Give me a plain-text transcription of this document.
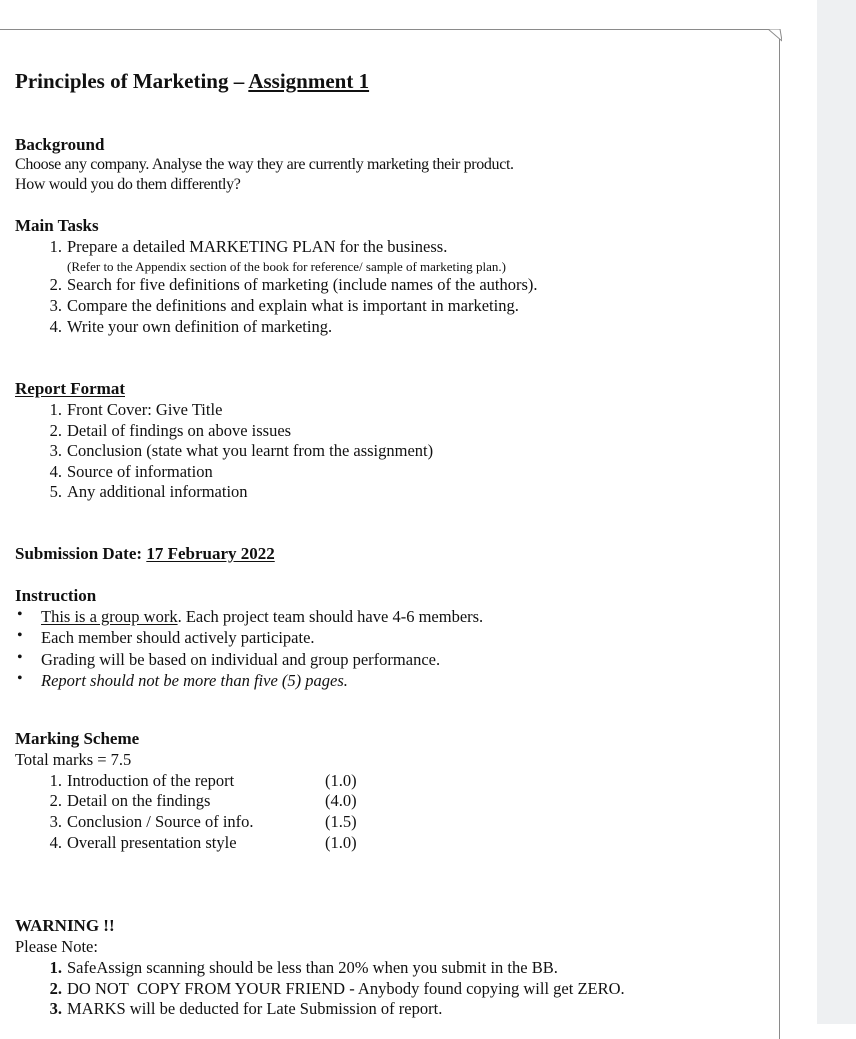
Principles of Marketing – Assignment 1
Background
Choose any company. Analyse the way they are currently marketing their product.
How would you do them differently?
Main Tasks
1. Prepare a detailed MARKETING PLAN for the business.
(Refer to the Appendix section of the book for reference/ sample of marketing plan.)
2. Search for five definitions of marketing (include names of the authors).
3. Compare the definitions and explain what is important in marketing.
4. Write your own definition of marketing.
Report Format
1. Front Cover: Give Title
2. Detail of findings on above issues
3. Conclusion (state what you learnt from the assignment)
4. Source of information
5. Any additional information
Submission Date: 17 February 2022
Instruction
• This is a group work. Each project team should have 4-6 members.
• Each member should actively participate.
• Grading will be based on individual and group performance.
• Report should not be more than five (5) pages.
Marking Scheme
Total marks = 7.5
1. Introduction of the report	(1.0)
2. Detail on the findings	(4.0)
3. Conclusion / Source of info.	(1.5)
4. Overall presentation style	(1.0)
WARNING !!
Please Note:
1. SafeAssign scanning should be less than 20% when you submit in the BB.
2. DO NOT  COPY FROM YOUR FRIEND - Anybody found copying will get ZERO.
3. MARKS will be deducted for Late Submission of report.
